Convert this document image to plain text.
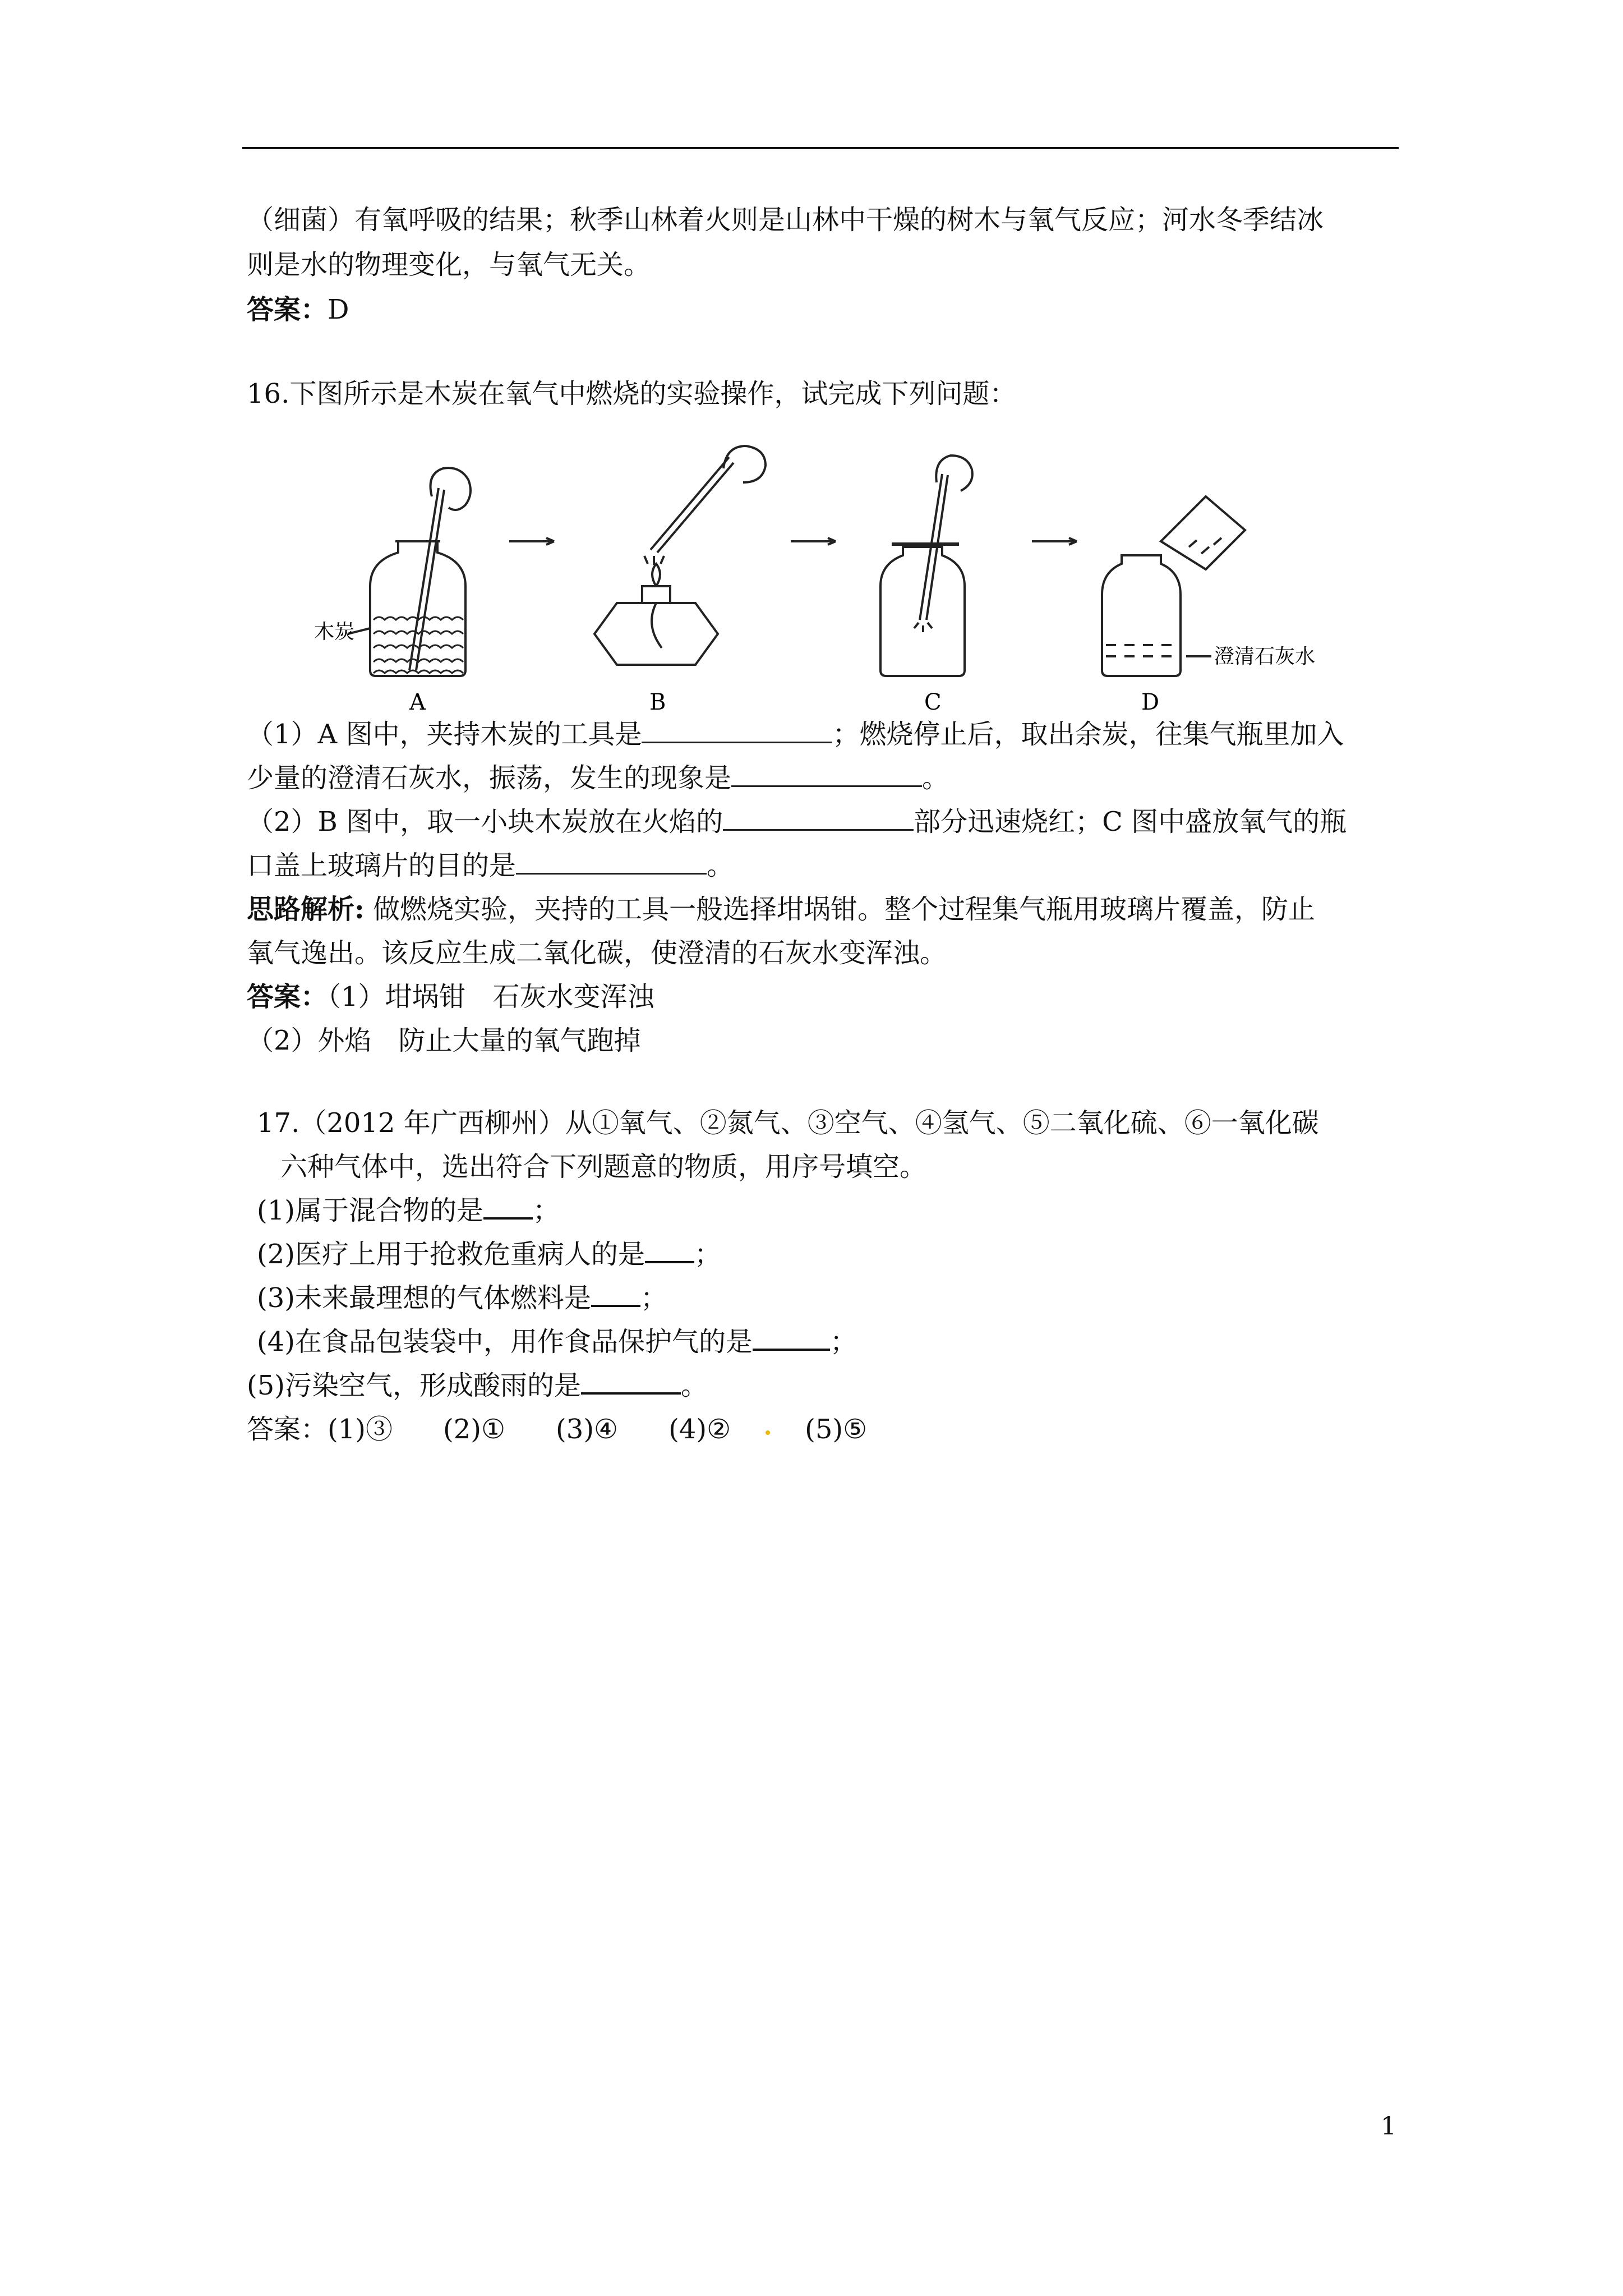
（细菌）有氧呼吸的结果；秋季山林着火则是山林中干燥的树木与氧气反应；河水冬季结冰
则是水的物理变化，与氧气无关。
答案：D
16.下图所示是木炭在氧气中燃烧的实验操作，试完成下列问题：
木炭
澄清石灰水
A	B	C	D
（1）A 图中，夹持木炭的工具是	；燃烧停止后，取出余炭，往集气瓶里加入
少量的澄清石灰水，振荡，发生的现象是	。
（2）B 图中，取一小块木炭放在火焰的	部分迅速烧红；C 图中盛放氧气的瓶
口盖上玻璃片的目的是	。
思路解析: 做燃烧实验，夹持的工具一般选择坩埚钳。整个过程集气瓶用玻璃片覆盖，防止
氧气逸出。该反应生成二氧化碳，使澄清的石灰水变浑浊。
答案：（1）坩埚钳　石灰水变浑浊
（2）外焰　防止大量的氧气跑掉
17.（2012 年广西柳州）从①氧气、②氮气、③空气、④氢气、⑤二氧化硫、⑥一氧化碳
六种气体中，选出符合下列题意的物质，用序号填空。
(1)属于混合物的是 ；
(2)医疗上用于抢救危重病人的是 ；
(3)未来最理想的气体燃料是 ；
(4)在食品包装袋中，用作食品保护气的是	；
(5)污染空气，形成酸雨的是	。
答案：(1)③ (2)① (3)④ (4)②	(5)⑤
1
